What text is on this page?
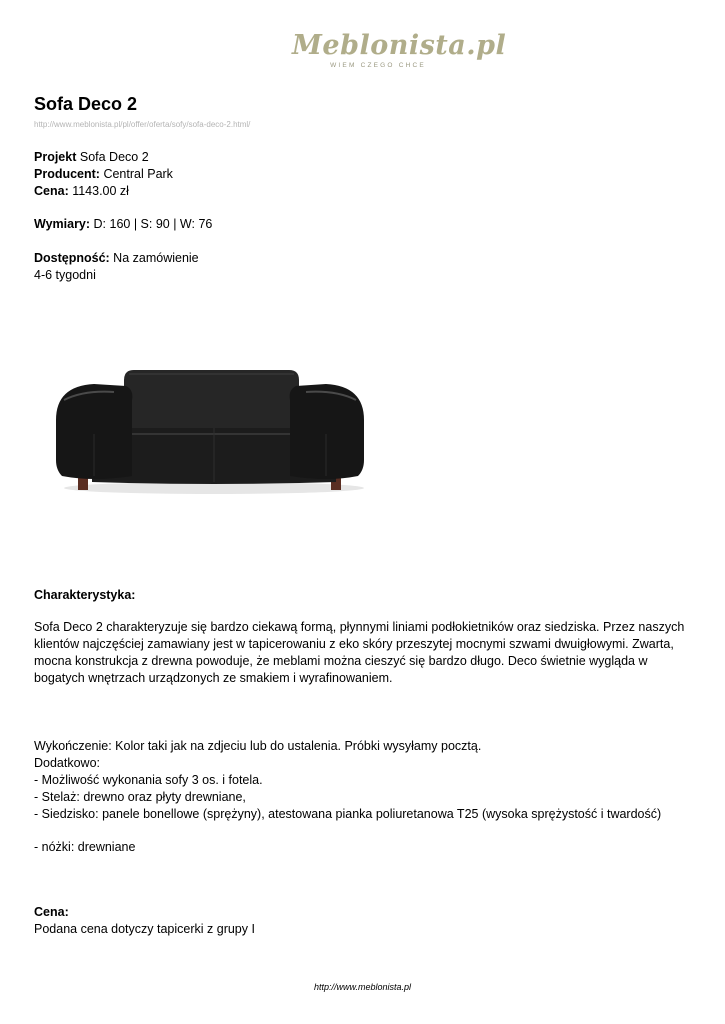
Meblonista.pl
WIEM CZEGO CHCE
Sofa Deco 2
http://www.meblonista.pl/pl/offer/oferta/sofy/sofa-deco-2.html/
Projekt Sofa Deco 2
Producent: Central Park
Cena: 1143.00 zł
Wymiary: D: 160 | S: 90 | W: 76
Dostępność: Na zamówienie
4-6 tygodni
Charakterystyka:
Sofa Deco 2 charakteryzuje się bardzo ciekawą formą, płynnymi liniami podłokietników oraz siedziska. Przez naszych klientów najczęściej zamawiany jest w tapicerowaniu z eko skóry przeszytej mocnymi szwami dwuigłowymi. Zwarta, mocna konstrukcja z drewna powoduje, że meblami można cieszyć się bardzo długo. Deco świetnie wygląda w bogatych wnętrzach urządzonych ze smakiem i wyrafinowaniem.
Wykończenie: Kolor taki jak na zdjeciu lub do ustalenia. Próbki wysyłamy pocztą.
Dodatkowo:
- Możliwość wykonania sofy 3 os. i fotela.
- Stelaż: drewno oraz płyty drewniane,
- Siedzisko: panele bonellowe (sprężyny), atestowana pianka poliuretanowa T25 (wysoka sprężystość i twardość)
- nóżki: drewniane
Cena:
Podana cena dotyczy tapicerki z grupy I
http://www.meblonista.pl
